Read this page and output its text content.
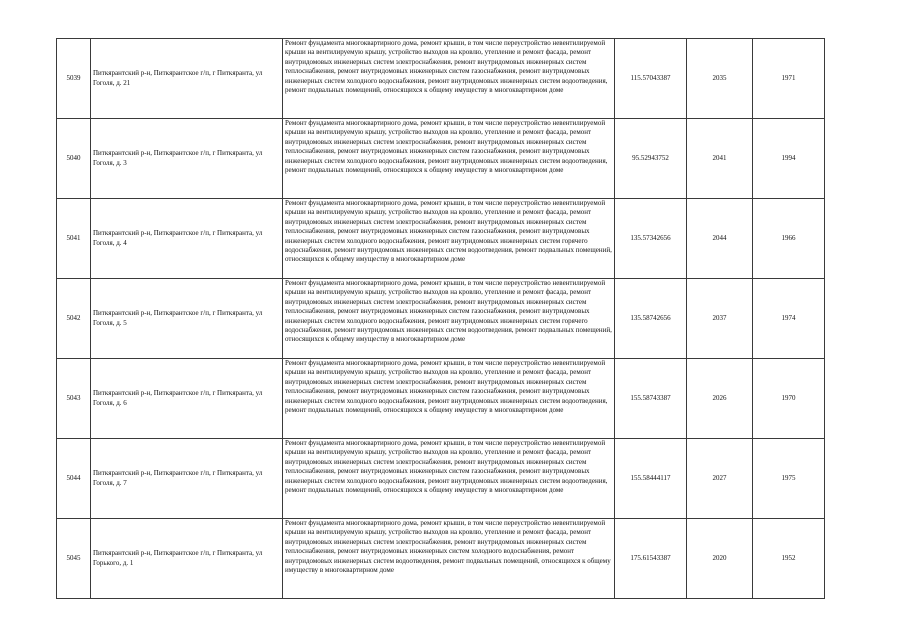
5039	Питкярантский р-н, Питкярантское г/п, г Питкяранта, ул Гоголя, д. 21	Ремонт фундамента многоквартирного дома, ремонт крыши, в том числе переустройство невентилируемой крыши на вентилируемую крышу, устройство выходов на кровлю, утепление и ремонт фасада, ремонт внутридомовых инженерных систем электроснабжения, ремонт внутридомовых инженерных систем теплоснабжения, ремонт внутридомовых инженерных систем газоснабжения, ремонт внутридомовых инженерных систем холодного водоснабжения, ремонт внутридомовых инженерных систем водоотведения, ремонт подвальных помещений, относящихся к общему имуществу в многоквартирном доме	115.57043387	2035	1971
5040	Питкярантский р-н, Питкярантское г/п, г Питкяранта, ул Гоголя, д. 3	Ремонт фундамента многоквартирного дома, ремонт крыши, в том числе переустройство невентилируемой крыши на вентилируемую крышу, устройство выходов на кровлю, утепление и ремонт фасада, ремонт внутридомовых инженерных систем электроснабжения, ремонт внутридомовых инженерных систем теплоснабжения, ремонт внутридомовых инженерных систем газоснабжения, ремонт внутридомовых инженерных систем холодного водоснабжения, ремонт внутридомовых инженерных систем водоотведения, ремонт подвальных помещений, относящихся к общему имуществу в многоквартирном доме	95.52943752	2041	1994
5041	Питкярантский р-н, Питкярантское г/п, г Питкяранта, ул Гоголя, д. 4	Ремонт фундамента многоквартирного дома, ремонт крыши, в том числе переустройство невентилируемой крыши на вентилируемую крышу, устройство выходов на кровлю, утепление и ремонт фасада, ремонт внутридомовых инженерных систем электроснабжения, ремонт внутридомовых инженерных систем теплоснабжения, ремонт внутридомовых инженерных систем газоснабжения, ремонт внутридомовых инженерных систем холодного водоснабжения, ремонт внутридомовых инженерных систем горячего водоснабжения, ремонт внутридомовых инженерных систем водоотведения, ремонт подвальных помещений, относящихся к общему имуществу в многоквартирном доме	135.57342656	2044	1966
5042	Питкярантский р-н, Питкярантское г/п, г Питкяранта, ул Гоголя, д. 5	Ремонт фундамента многоквартирного дома, ремонт крыши, в том числе переустройство невентилируемой крыши на вентилируемую крышу, устройство выходов на кровлю, утепление и ремонт фасада, ремонт внутридомовых инженерных систем электроснабжения, ремонт внутридомовых инженерных систем теплоснабжения, ремонт внутридомовых инженерных систем газоснабжения, ремонт внутридомовых инженерных систем холодного водоснабжения, ремонт внутридомовых инженерных систем горячего водоснабжения, ремонт внутридомовых инженерных систем водоотведения, ремонт подвальных помещений, относящихся к общему имуществу в многоквартирном доме	135.58742656	2037	1974
5043	Питкярантский р-н, Питкярантское г/п, г Питкяранта, ул Гоголя, д. 6	Ремонт фундамента многоквартирного дома, ремонт крыши, в том числе переустройство невентилируемой крыши на вентилируемую крышу, устройство выходов на кровлю, утепление и ремонт фасада, ремонт внутридомовых инженерных систем электроснабжения, ремонт внутридомовых инженерных систем теплоснабжения, ремонт внутридомовых инженерных систем газоснабжения, ремонт внутридомовых инженерных систем холодного водоснабжения, ремонт внутридомовых инженерных систем водоотведения, ремонт подвальных помещений, относящихся к общему имуществу в многоквартирном доме	155.58743387	2026	1970
5044	Питкярантский р-н, Питкярантское г/п, г Питкяранта, ул Гоголя, д. 7	Ремонт фундамента многоквартирного дома, ремонт крыши, в том числе переустройство невентилируемой крыши на вентилируемую крышу, устройство выходов на кровлю, утепление и ремонт фасада, ремонт внутридомовых инженерных систем электроснабжения, ремонт внутридомовых инженерных систем теплоснабжения, ремонт внутридомовых инженерных систем газоснабжения, ремонт внутридомовых инженерных систем холодного водоснабжения, ремонт внутридомовых инженерных систем водоотведения, ремонт подвальных помещений, относящихся к общему имуществу в многоквартирном доме	155.58444117	2027	1975
5045	Питкярантский р-н, Питкярантское г/п, г Питкяранта, ул Горького, д. 1	Ремонт фундамента многоквартирного дома, ремонт крыши, в том числе переустройство невентилируемой крыши на вентилируемую крышу, устройство выходов на кровлю, утепление и ремонт фасада, ремонт внутридомовых инженерных систем электроснабжения, ремонт внутридомовых инженерных систем теплоснабжения, ремонт внутридомовых инженерных систем холодного водоснабжения, ремонт внутридомовых инженерных систем водоотведения, ремонт подвальных помещений, относящихся к общему имуществу в многоквартирном доме	175.61543387	2020	1952
